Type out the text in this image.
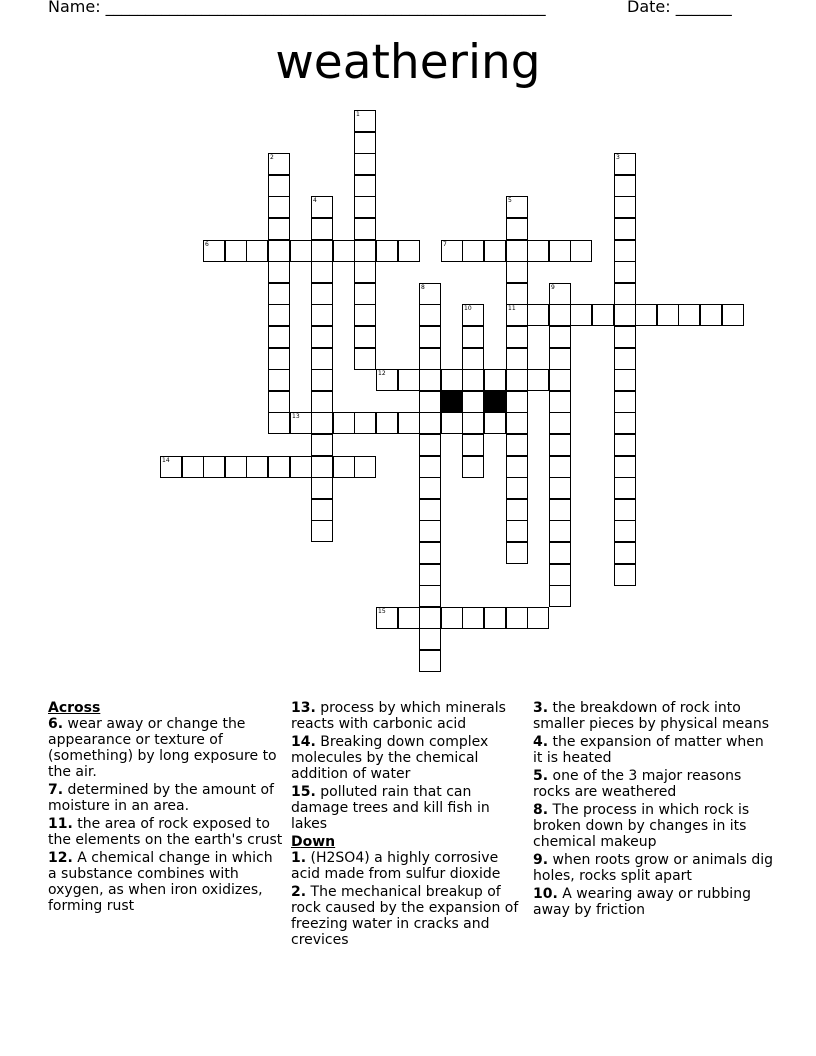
Name: _______________________________________________________	Date: _______
weathering
1
2	3
4	5
11
6	7
8	9
10
12
13
14
15
Across
6. wear away or change the appearance or texture of (something) by long exposure to the air.
7. determined by the amount of moisture in an area.
11. the area of rock exposed to the elements on the earth's crust
12. A chemical change in which a substance combines with oxygen, as when iron oxidizes, forming rust
13. process by which minerals reacts with carbonic acid
14. Breaking down complex molecules by the chemical addition of water
15. polluted rain that can damage trees and kill fish in lakes
Down
1. (H2SO4) a highly corrosive acid made from sulfur dioxide
2. The mechanical breakup of rock caused by the expansion of freezing water in cracks and crevices
3. the breakdown of rock into smaller pieces by physical means
4. the expansion of matter when it is heated
5. one of the 3 major reasons rocks are weathered
8. The process in which rock is broken down by changes in its chemical makeup
9. when roots grow or animals dig holes, rocks split apart
10. A wearing away or rubbing away by friction
